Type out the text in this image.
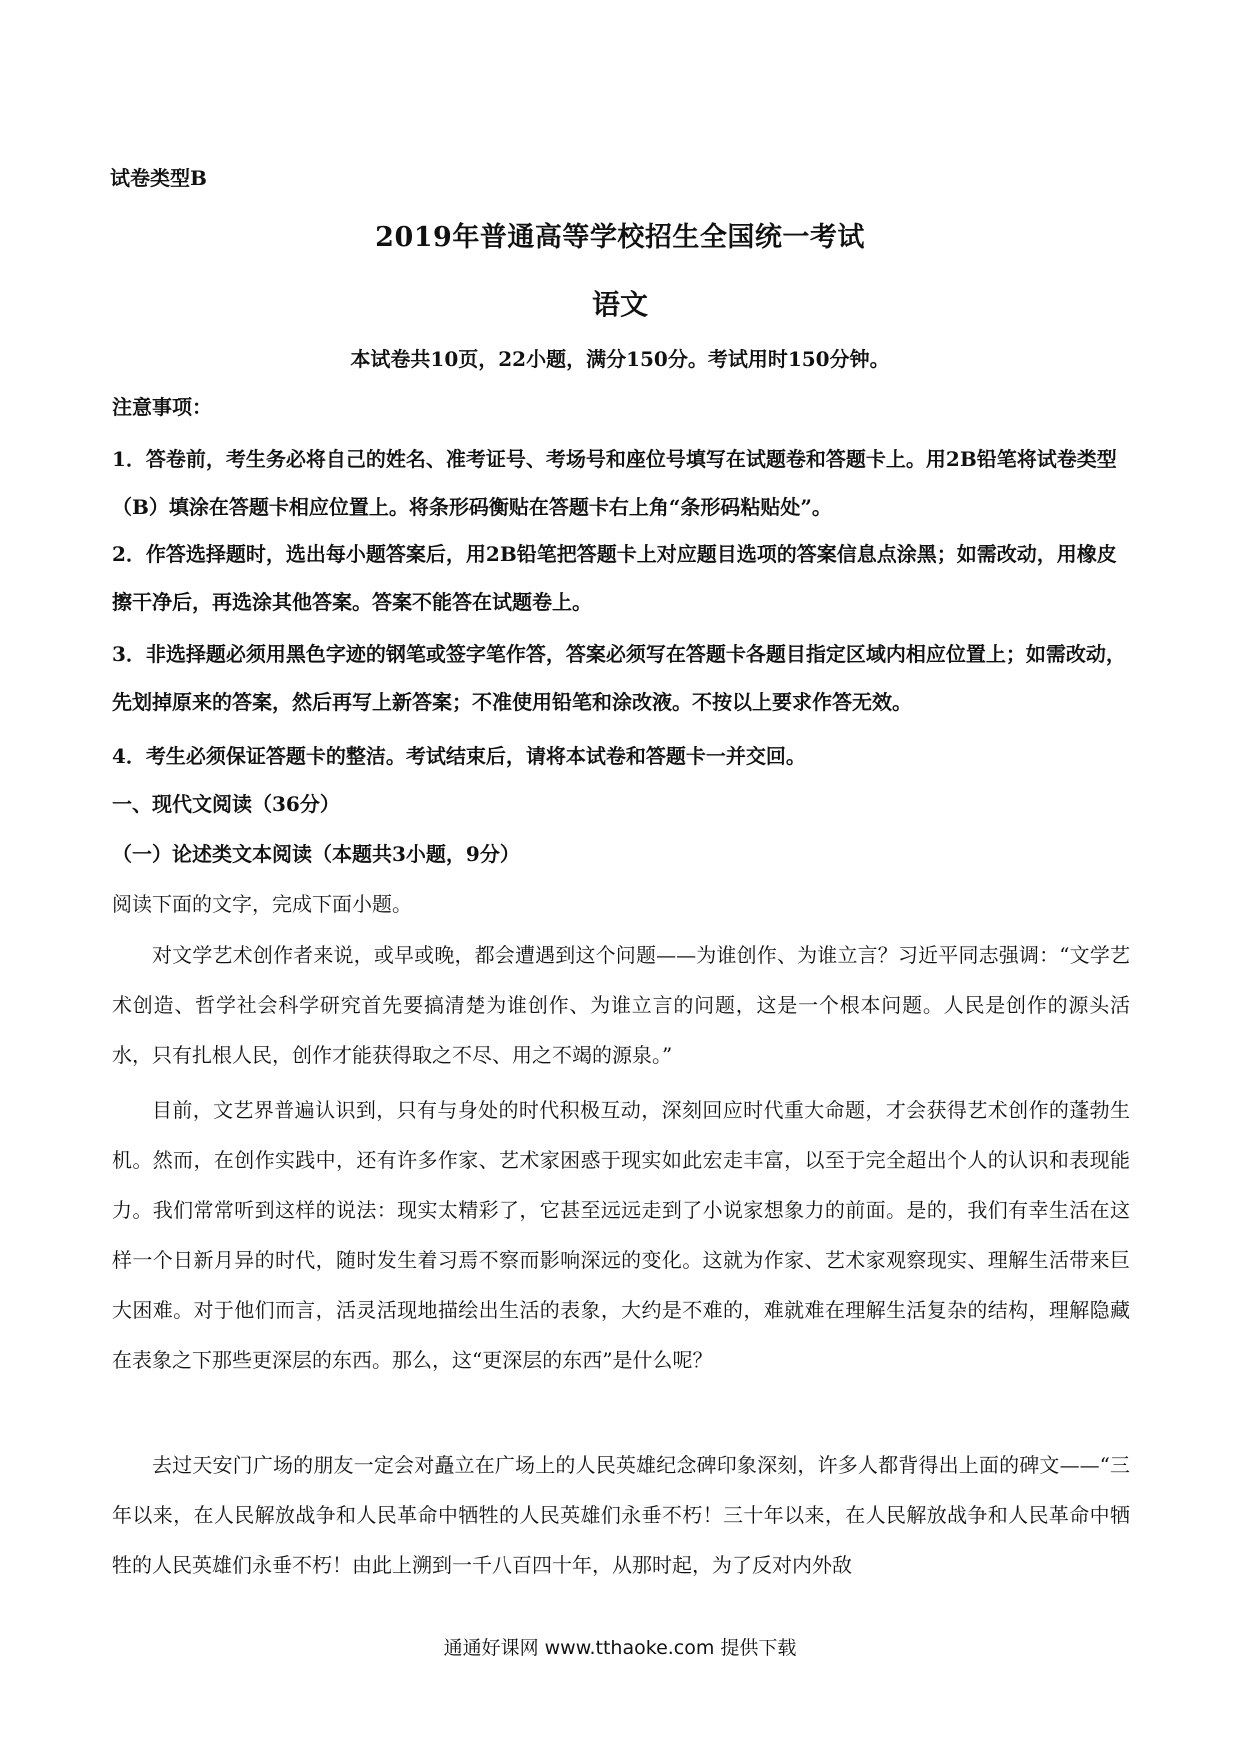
试卷类型B
2019年普通高等学校招生全国统一考试
语文
本试卷共10页，22小题，满分150分。考试用时150分钟。
注意事项：
1．答卷前，考生务必将自己的姓名、准考证号、考场号和座位号填写在试题卷和答题卡上。用2B铅笔将试卷类型（B）填涂在答题卡相应位置上。将条形码衡贴在答题卡右上角“条形码粘贴处”。
2．作答选择题时，选出每小题答案后，用2B铅笔把答题卡上对应题目选项的答案信息点涂黑；如需改动，用橡皮擦干净后，再选涂其他答案。答案不能答在试题卷上。
3．非选择题必须用黑色字迹的钢笔或签字笔作答，答案必须写在答题卡各题目指定区域内相应位置上；如需改动，先划掉原来的答案，然后再写上新答案；不准使用铅笔和涂改液。不按以上要求作答无效。
4．考生必须保证答题卡的整洁。考试结束后，请将本试卷和答题卡一并交回。
一、现代文阅读（36分）
（一）论述类文本阅读（本题共3小题，9分）
阅读下面的文字，完成下面小题。
对文学艺术创作者来说，或早或晚，都会遭遇到这个问题——为谁创作、为谁立言？习近平同志强调：“文学艺术创造、哲学社会科学研究首先要搞清楚为谁创作、为谁立言的问题，这是一个根本问题。人民是创作的源头活水，只有扎根人民，创作才能获得取之不尽、用之不竭的源泉。”
目前，文艺界普遍认识到，只有与身处的时代积极互动，深刻回应时代重大命题，才会获得艺术创作的蓬勃生机。然而，在创作实践中，还有许多作家、艺术家困惑于现实如此宏走丰富，以至于完全超出个人的认识和表现能力。我们常常听到这样的说法：现实太精彩了，它甚至远远走到了小说家想象力的前面。是的，我们有幸生活在这样一个日新月异的时代，随时发生着习焉不察而影响深远的变化。这就为作家、艺术家观察现实、理解生活带来巨大困难。对于他们而言，活灵活现地描绘出生活的表象，大约是不难的，难就难在理解生活复杂的结构，理解隐藏在表象之下那些更深层的东西。那么，这“更深层的东西”是什么呢？
去过天安门广场的朋友一定会对矗立在广场上的人民英雄纪念碑印象深刻，许多人都背得出上面的碑文——“三年以来，在人民解放战争和人民革命中牺牲的人民英雄们永垂不朽！三十年以来，在人民解放战争和人民革命中牺牲的人民英雄们永垂不朽！由此上溯到一千八百四十年，从那时起，为了反对内外敌
通通好课网 www.tthaoke.com 提供下载
